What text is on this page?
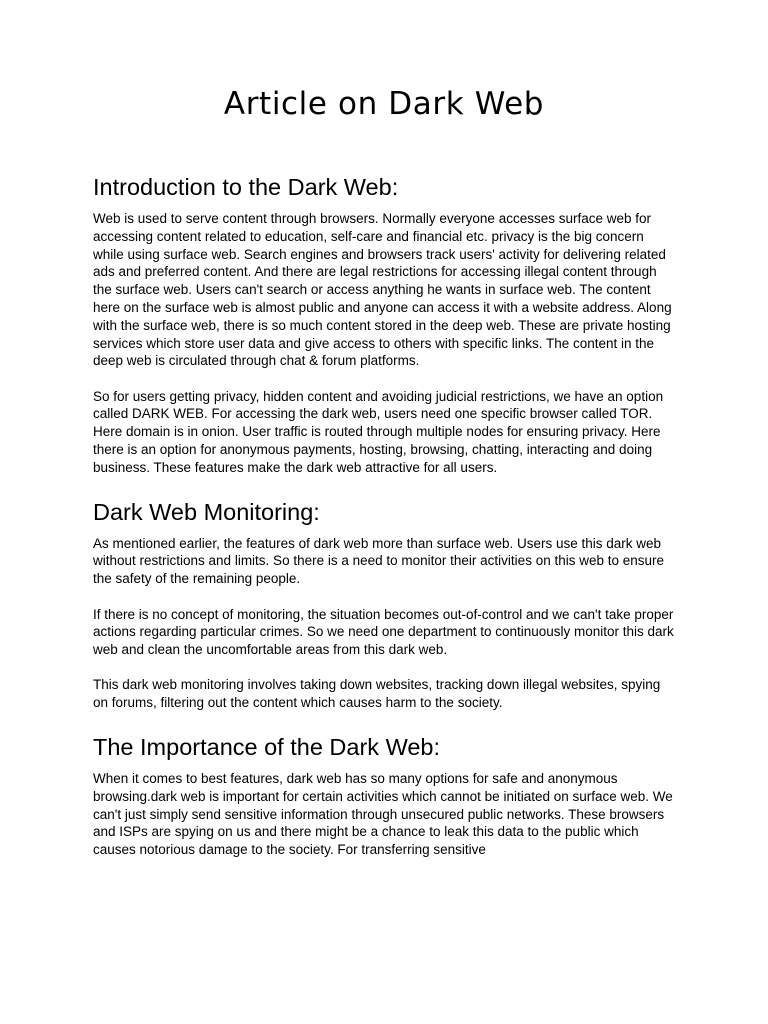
Article on Dark Web
Introduction to the Dark Web:

Web is used to serve content through browsers. Normally everyone accesses surface web for accessing content related to education, self-care and financial etc. privacy is the big concern while using surface web. Search engines and browsers track users' activity for delivering related ads and preferred content. And there are legal restrictions for accessing illegal content through the surface web. Users can't search or access anything he wants in surface web. The content here on the surface web is almost public and anyone can access it with a website address. Along with the surface web, there is so much content stored in the deep web. These are private hosting services which store user data and give access to others with specific links. The content in the deep web is circulated through chat & forum platforms.

So for users getting privacy, hidden content and avoiding judicial restrictions, we have an option called DARK WEB. For accessing the dark web, users need one specific browser called TOR. Here domain is in onion. User traffic is routed through multiple nodes for ensuring privacy. Here there is an option for anonymous payments, hosting, browsing, chatting, interacting and doing business. These features make the dark web attractive for all users.

Dark Web Monitoring:

As mentioned earlier, the features of dark web more than surface web. Users use this dark web without restrictions and limits. So there is a need to monitor their activities on this web to ensure the safety of the remaining people.

If there is no concept of monitoring, the situation becomes out-of-control and we can't take proper actions regarding particular crimes. So we need one department to continuously monitor this dark web and clean the uncomfortable areas from this dark web.

This dark web monitoring involves taking down websites, tracking down illegal websites, spying on forums, filtering out the content which causes harm to the society.

The Importance of the Dark Web:

When it comes to best features, dark web has so many options for safe and anonymous browsing.dark web is important for certain activities which cannot be initiated on surface web. We can't just simply send sensitive information through unsecured public networks. These browsers and ISPs are spying on us and there might be a chance to leak this data to the public which causes notorious damage to the society. For transferring sensitive
